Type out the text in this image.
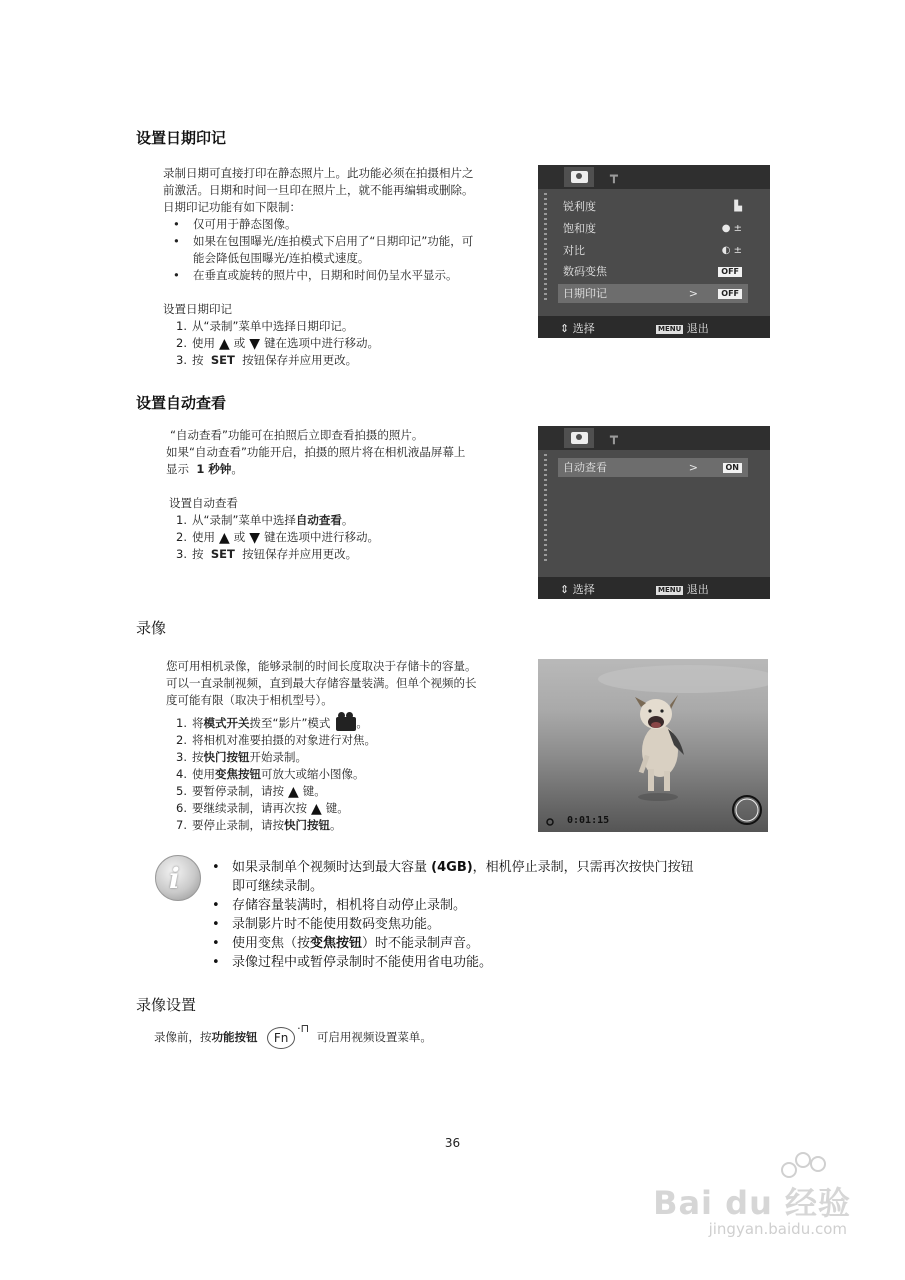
设置日期印记

录制日期可直接打印在静态照片上。此功能必须在拍摄相片之

前激活。日期和时间一旦印在照片上，就不能再编辑或删除。

日期印记功能有如下限制：

•	仅可用于静态图像。
•	如果在包围曝光/连拍模式下启用了“日期印记”功能，可
能会降低包围曝光/连拍模式速度。
•	在垂直或旋转的照片中，日期和时间仍呈水平显示。
设置日期印记
1. 从“录制”菜单中选择日期印记。
2. 使用 ▲ 或 ▼ 键在选项中进行移动。
3. 按
SET
按钮保存并应用更改。
┳
锐利度	▙
饱和度	● ±
对比	◐ ±
数码变焦	OFF
日期印记	>	OFF
⇕ 选择	MENU 退出
设置自动查看

“自动查看”功能可在拍照后立即查看拍摄的照片。

如果“自动查看”功能开启，拍摄的照片将在相机液晶屏幕上

显示 1 秒钟。

设置自动查看
1. 从“录制”菜单中选择 自动查看 。
2. 使用 ▲ 或 ▼ 键在选项中进行移动。
3. 按
SET
按钮保存并应用更改。
┳
自动查看	>	ON
⇕ 选择	MENU 退出
录像

您可用相机录像，能够录制的时间长度取决于存储卡的容量。

可以一直录制视频，直到最大存储容量装满。但单个视频的长

度可能有限（取决于相机型号）。

1. 将 模式开关 拨至“影片”模式 。
2. 将相机对准要拍摄的对象进行对焦。
3. 按 快门按钮 开始录制。
4. 使用 变焦按钮 可放大或缩小图像。
5. 要暂停录制，请按 ▲ 键。
6. 要继续录制，请再次按 ▲ 键。
7. 要停止录制，请按 快门按钮 。	0:01:15
i • 如果录制单个视频时达到最大容量 (4GB)，相机停止录制，只需再次按快门按钮
即可继续录制。
• 存储容量装满时，相机将自动停止录制。
• 录制影片时不能使用数码变焦功能。
• 使用变焦（按变焦按钮）时不能录制声音。
• 录像过程中或暂停录制时不能使用省电功能。
录像设置
录像前，按功能按钮 Fn·⊓ 可启用视频设置菜单。
36
Bai du 经验
jingyan.baidu.com
